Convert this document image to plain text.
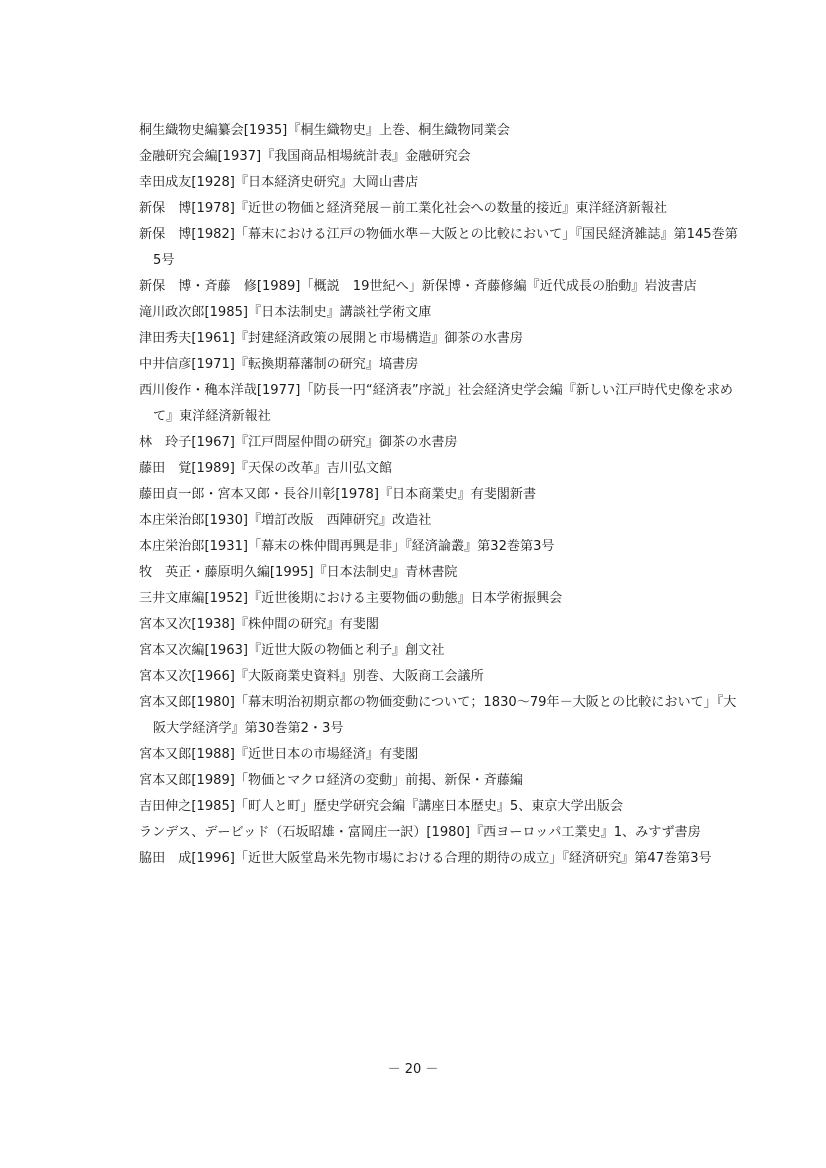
桐生織物史編纂会[1935]『桐生織物史』上巻、桐生織物同業会
金融研究会編[1937]『我国商品相場統計表』金融研究会
幸田成友[1928]『日本経済史研究』大岡山書店
新保　博[1978]『近世の物価と経済発展－前工業化社会への数量的接近』東洋経済新報社
新保　博[1982]「幕末における江戸の物価水準－大阪との比較において」『国民経済雑誌』第145巻第5号
新保　博・斉藤　修[1989]「概説　19世紀へ」新保博・斉藤修編『近代成長の胎動』岩波書店
滝川政次郎[1985]『日本法制史』講談社学術文庫
津田秀夫[1961]『封建経済政策の展開と市場構造』御茶の水書房
中井信彦[1971]『転換期幕藩制の研究』塙書房
西川俊作・穐本洋哉[1977]「防長一円“経済表”序説」社会経済史学会編『新しい江戸時代史像を求めて』東洋経済新報社
林　玲子[1967]『江戸問屋仲間の研究』御茶の水書房
藤田　覚[1989]『天保の改革』吉川弘文館
藤田貞一郎・宮本又郎・長谷川彰[1978]『日本商業史』有斐閣新書
本庄栄治郎[1930]『増訂改版　西陣研究』改造社
本庄栄治郎[1931]「幕末の株仲間再興是非」『経済論叢』第32巻第3号
牧　英正・藤原明久編[1995]『日本法制史』青林書院
三井文庫編[1952]『近世後期における主要物価の動態』日本学術振興会
宮本又次[1938]『株仲間の研究』有斐閣
宮本又次編[1963]『近世大阪の物価と利子』創文社
宮本又次[1966]『大阪商業史資料』別巻、大阪商工会議所
宮本又郎[1980]「幕末明治初期京都の物価変動について；1830～79年－大阪との比較において」『大阪大学経済学』第30巻第2・3号
宮本又郎[1988]『近世日本の市場経済』有斐閣
宮本又郎[1989]「物価とマクロ経済の変動」前掲、新保・斉藤編
吉田伸之[1985]「町人と町」歴史学研究会編『講座日本歴史』5、東京大学出版会
ランデス、デービッド（石坂昭雄・富岡庄一訳）[1980]『西ヨーロッパ工業史』1、みすず書房
脇田　成[1996]「近世大阪堂島米先物市場における合理的期待の成立」『経済研究』第47巻第3号
－ 20 －
